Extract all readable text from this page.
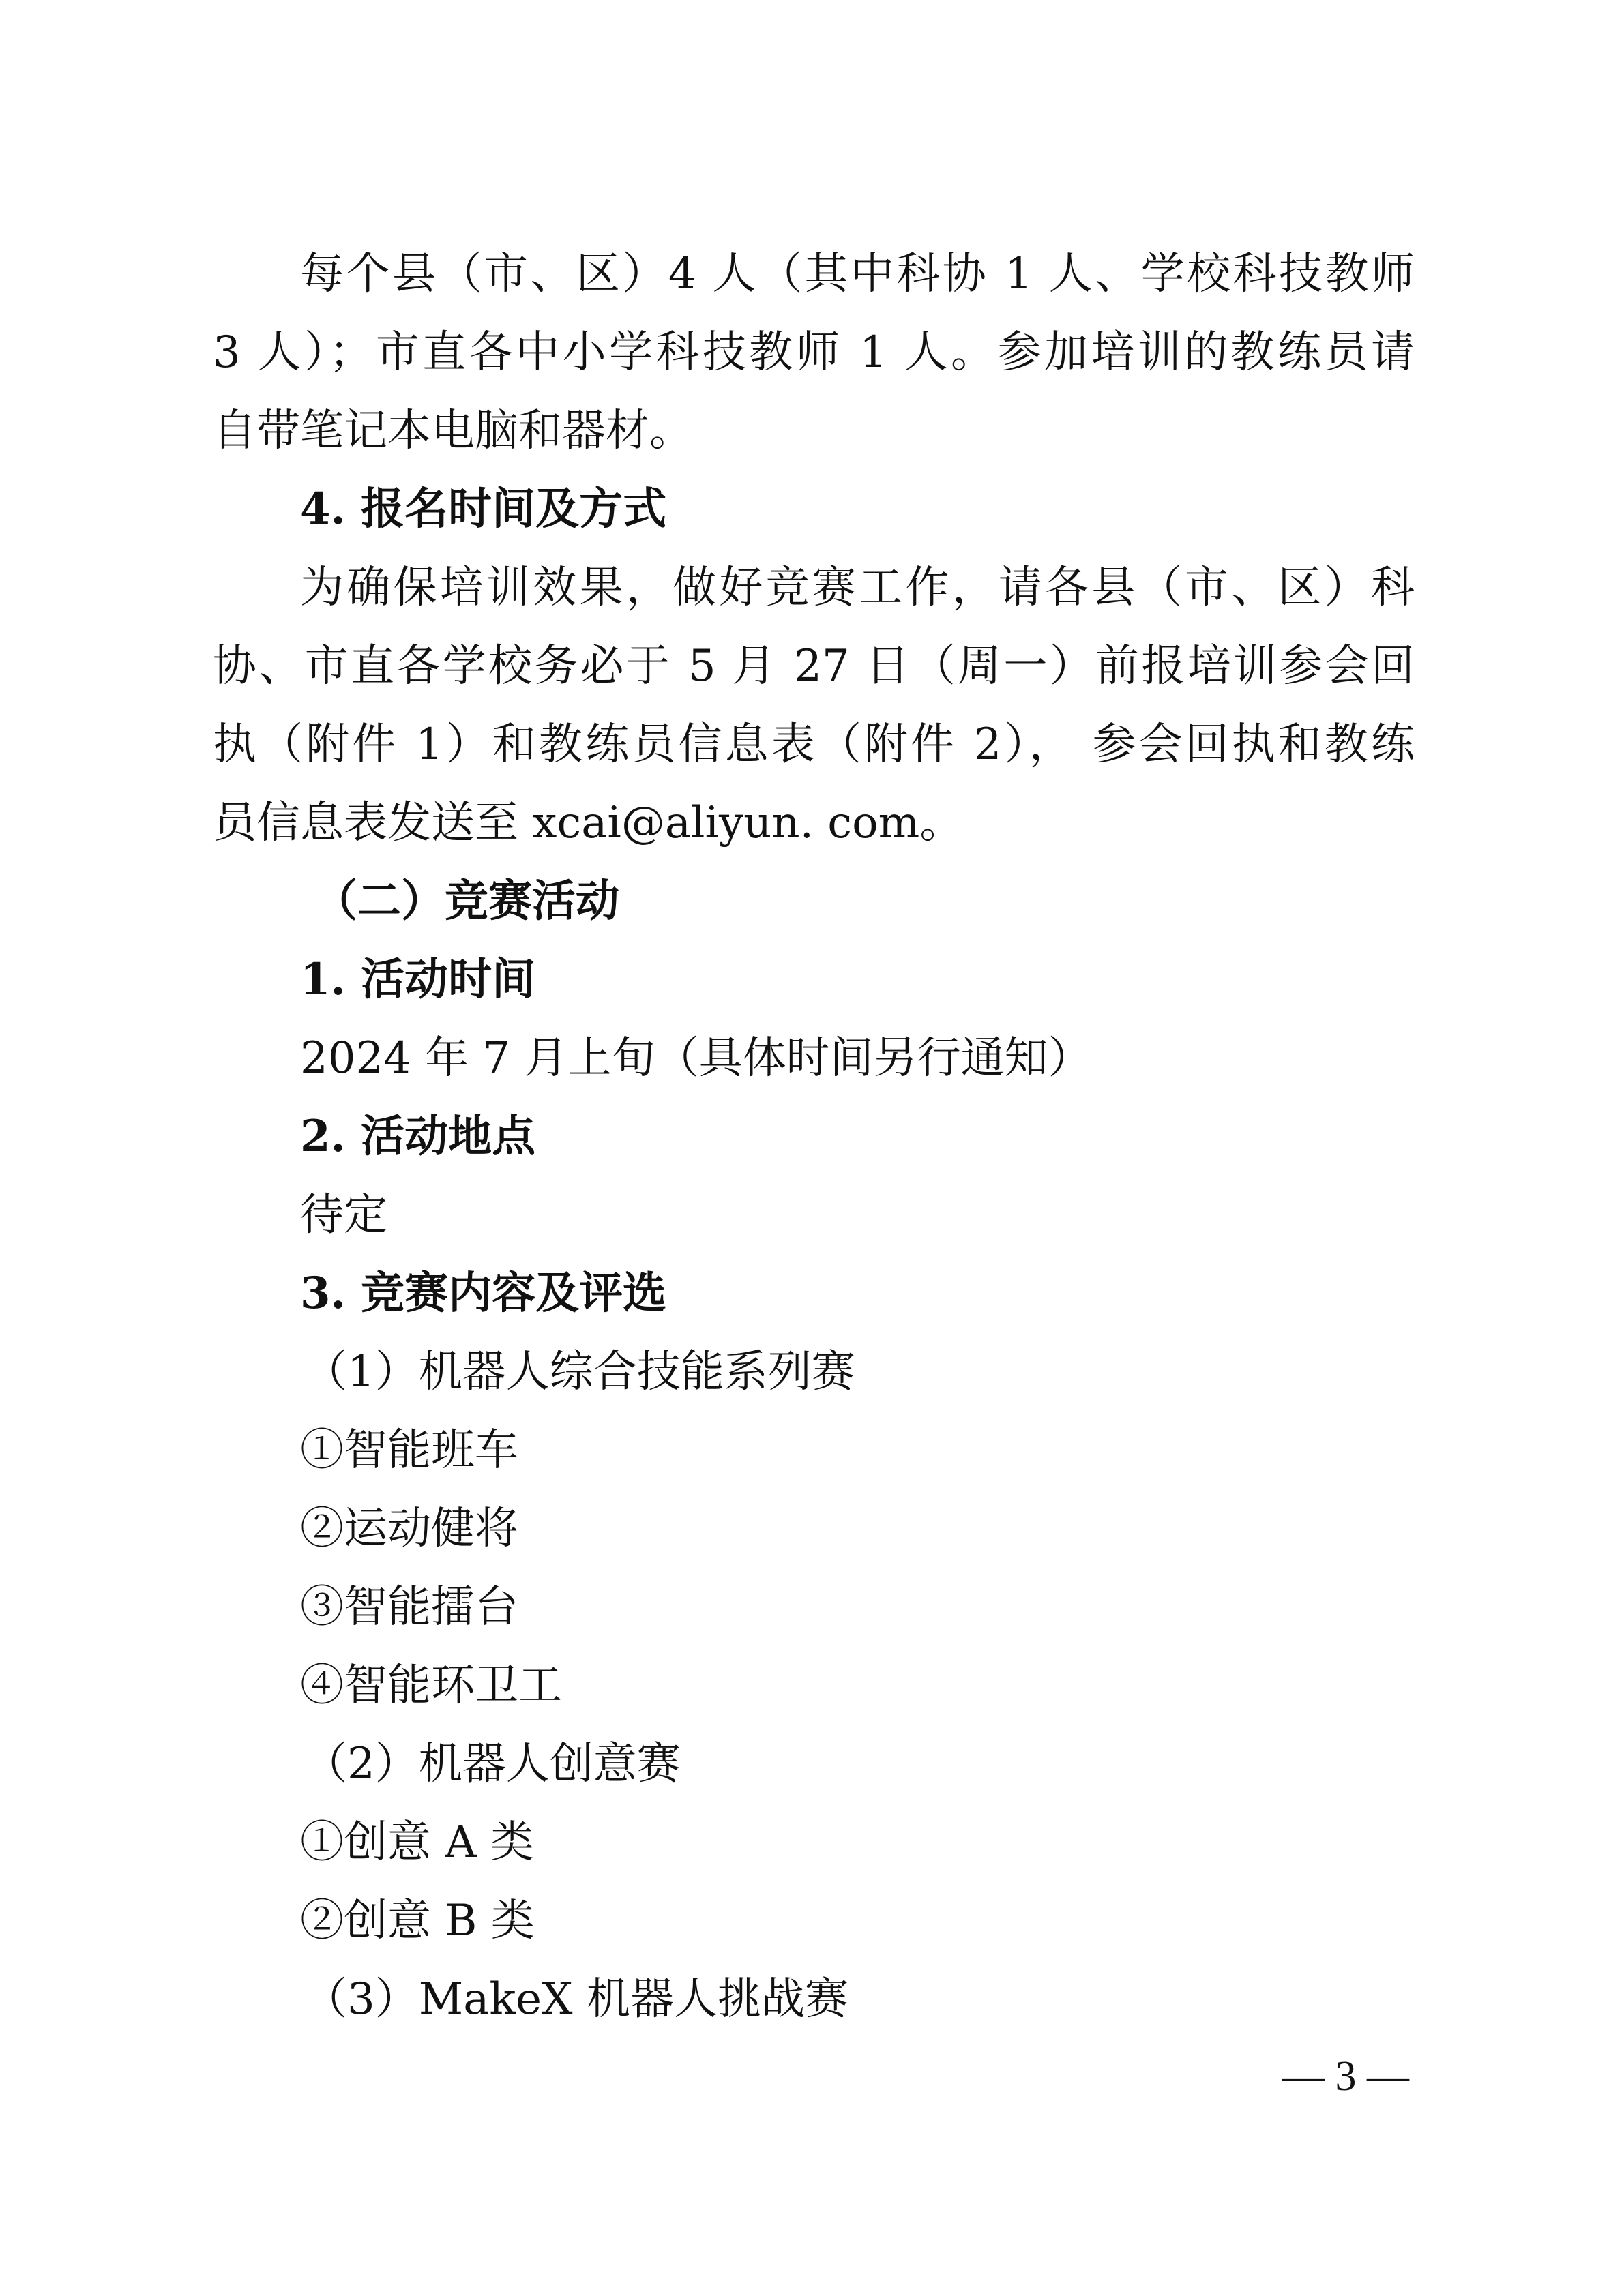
每个县（市、区）4 人（其中科协 1 人、学校科技教师

3 人）；市直各中小学科技教师 1 人。参加培训的教练员请

自带笔记本电脑和器材。

4. 报名时间及方式

为确保培训效果，做好竞赛工作，请各县（市、区）科

协、市直各学校务必于 5 月 27 日（周一）前报培训参会回

执（附件 1）和教练员信息表（附件 2）， 参会回执和教练

员信息表发送至 xcai@aliyun. com。

（二）竞赛活动

1. 活动时间

2024 年 7 月上旬（具体时间另行通知）

2. 活动地点

待定

3. 竞赛内容及评选

（1）机器人综合技能系列赛

①智能班车

②运动健将

③智能擂台

④智能环卫工

（2）机器人创意赛

①创意 A 类

②创意 B 类

（3）MakeX 机器人挑战赛

— 3 —
